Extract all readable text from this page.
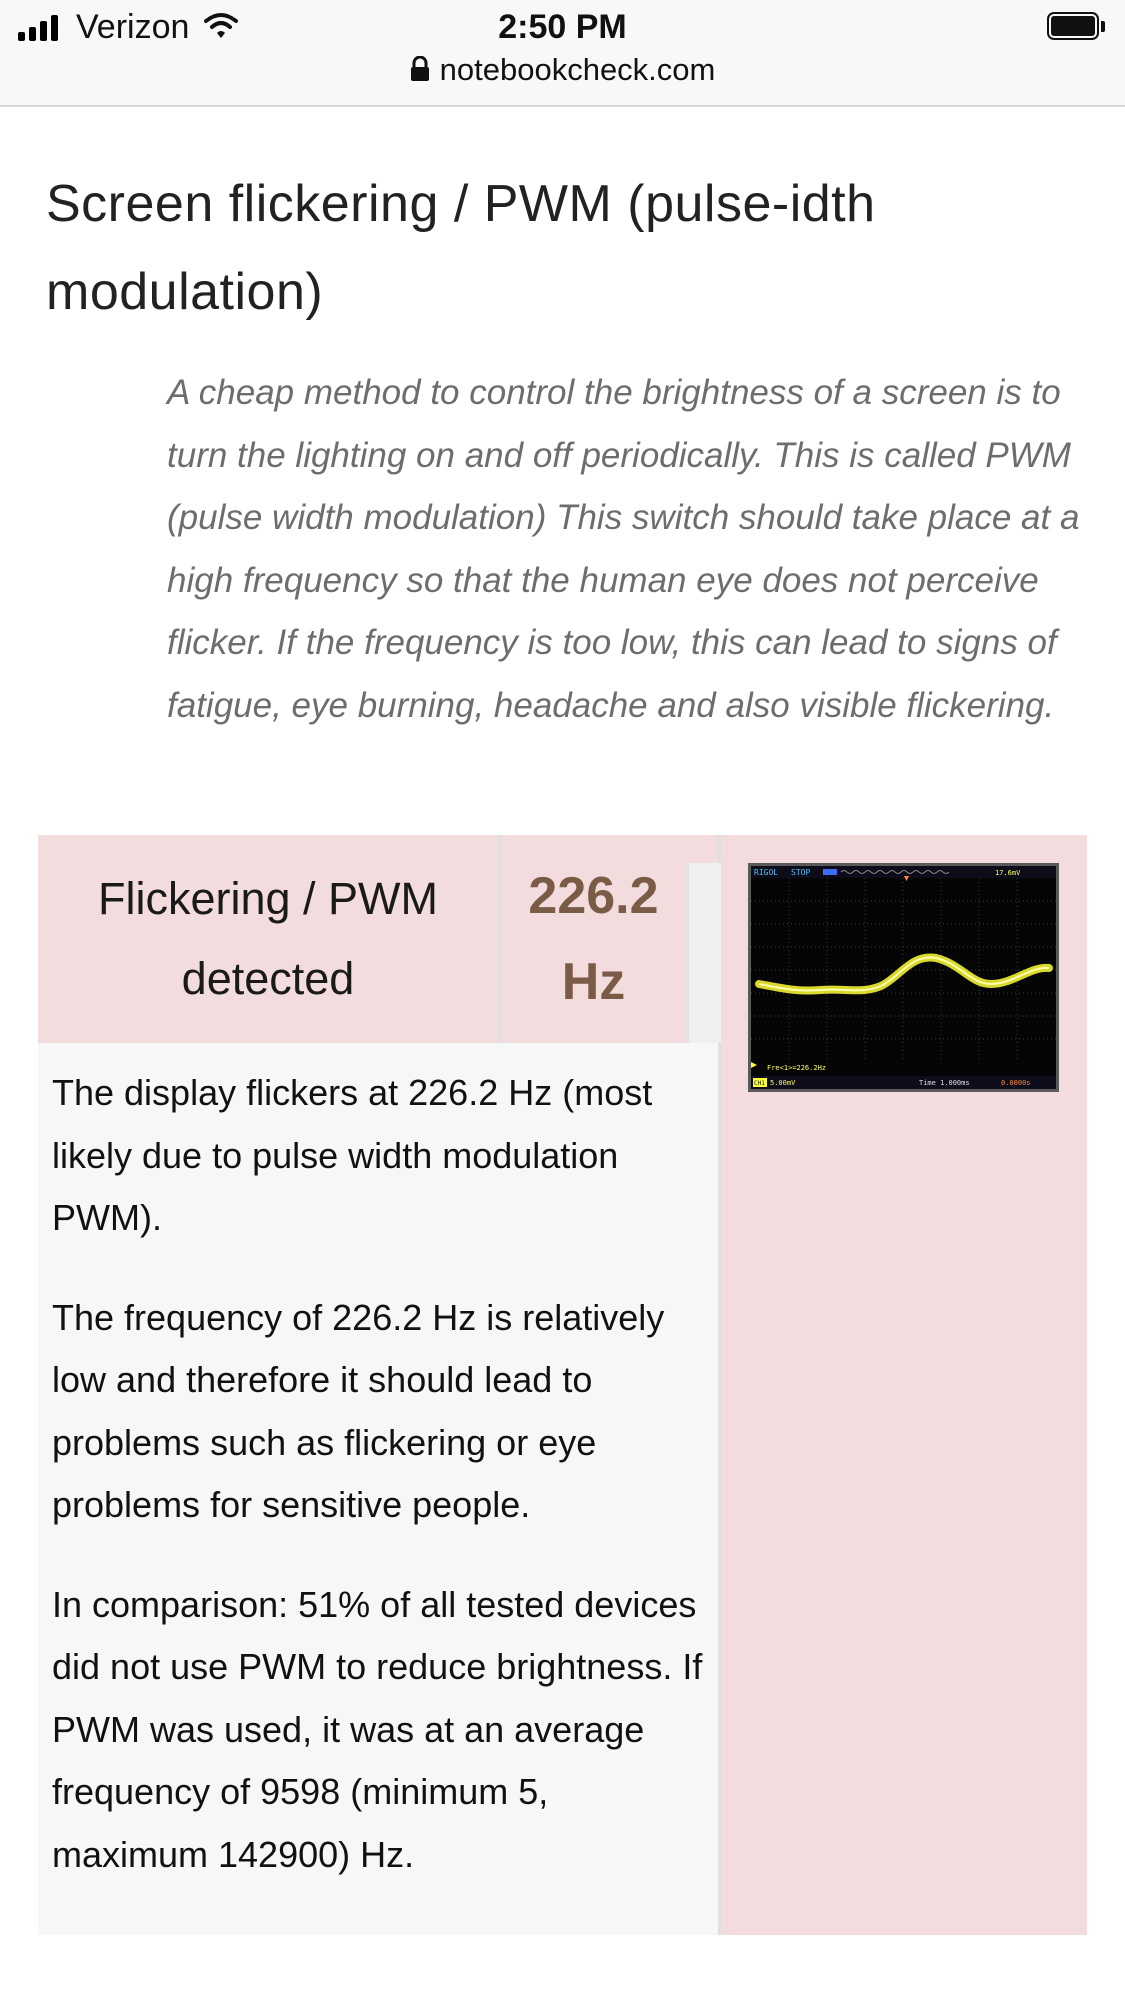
Verizon	2:50 PM
notebookcheck.com
Screen flickering / PWM (pulse-idth modulation)

A cheap method to control the brightness of a screen is to turn the lighting on and off periodically. This is called PWM (pulse width modulation) This switch should take place at a high frequency so that the human eye does not perceive flicker. If the frequency is too low, this can lead to signs of fatigue, eye burning, headache and also visible flickering.

Flickering / PWM detected
226.2 Hz

The display flickers at 226.2 Hz (most likely due to pulse width modulation PWM).

The frequency of 226.2 Hz is relatively low and therefore it should lead to problems such as flickering or eye problems for sensitive people.

In comparison: 51% of all tested devices did not use PWM to reduce brightness. If PWM was used, it was at an average frequency of 9598 (minimum 5, maximum 142900) Hz.

RIGOL STOP	17.6mV
Fre<1>=226.2Hz
CH1 5.00mV	Time 1.000ms	0.0000s
